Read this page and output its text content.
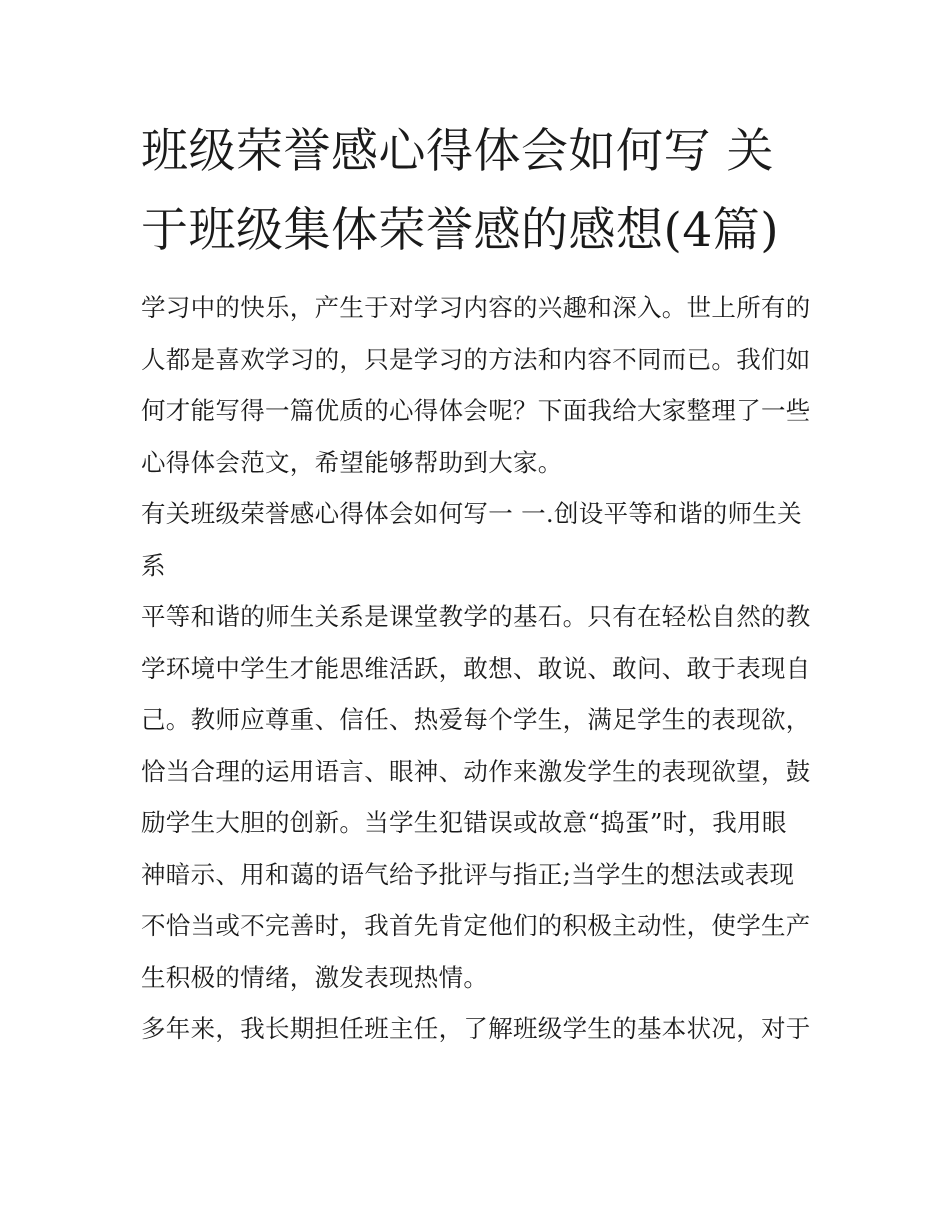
班级荣誉感心得体会如何写 关于班级集体荣誉感的感想(4篇)

学习中的快乐，产生于对学习内容的兴趣和深入。世上所有的人都是喜欢学习的，只是学习的方法和内容不同而已。我们如何才能写得一篇优质的心得体会呢？下面我给大家整理了一些心得体会范文，希望能够帮助到大家。

有关班级荣誉感心得体会如何写一 一.创设平等和谐的师生关系

平等和谐的师生关系是课堂教学的基石。只有在轻松自然的教学环境中学生才能思维活跃，敢想、敢说、敢问、敢于表现自己。教师应尊重、信任、热爱每个学生，满足学生的表现欲，恰当合理的运用语言、眼神、动作来激发学生的表现欲望，鼓励学生大胆的创新。当学生犯错误或故意“捣蛋”时，我用眼神暗示、用和蔼的语气给予批评与指正;当学生的想法或表现不恰当或不完善时，我首先肯定他们的积极主动性，使学生产生积极的情绪，激发表现热情。

多年来，我长期担任班主任，了解班级学生的基本状况，对于
